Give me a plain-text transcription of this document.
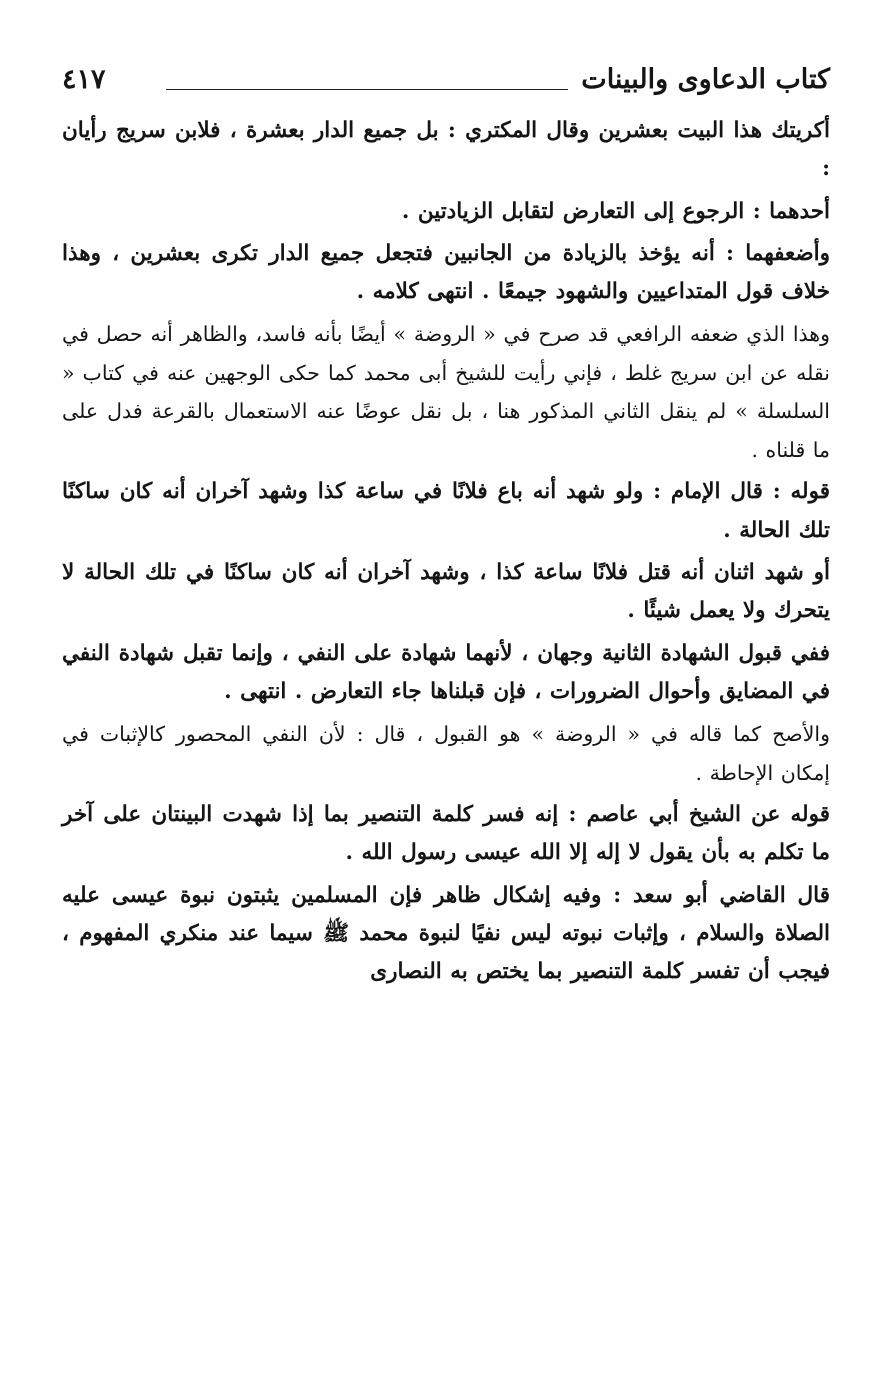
كتاب الدعاوى والبينات
٤١٧

أكريتك هذا البيت بعشرين وقال المكتري : بل جميع الدار بعشرة ، فلابن سريج رأيان :

أحدهما : الرجوع إلى التعارض لتقابل الزيادتين .

وأضعفهما : أنه يؤخذ بالزيادة من الجانبين فتجعل جميع الدار تكرى بعشرين ، وهذا خلاف قول المتداعيين والشهود جيمعًا . انتهى كلامه .

وهذا الذي ضعفه الرافعي قد صرح في « الروضة » أيضًا بأنه فاسد، والظاهر أنه حصل في نقله عن ابن سريج غلط ، فإني رأيت للشيخ أبى محمد كما حكى الوجهين عنه في كتاب « السلسلة » لم ينقل الثاني المذكور هنا ، بل نقل عوضًا عنه الاستعمال بالقرعة فدل على ما قلناه .

قوله : قال الإمام : ولو شهد أنه باع فلانًا في ساعة كذا وشهد آخران أنه كان ساكنًا تلك الحالة .

أو شهد اثنان أنه قتل فلانًا ساعة كذا ، وشهد آخران أنه كان ساكنًا في تلك الحالة لا يتحرك ولا يعمل شيئًا .

ففي قبول الشهادة الثانية وجهان ، لأنهما شهادة على النفي ، وإنما تقبل شهادة النفي في المضايق وأحوال الضرورات ، فإن قبلناها جاء التعارض . انتهى .

والأصح كما قاله في « الروضة » هو القبول ، قال : لأن النفي المحصور كالإثبات في إمكان الإحاطة .

قوله عن الشيخ أبي عاصم : إنه فسر كلمة التنصير بما إذا شهدت البينتان على آخر ما تكلم به بأن يقول لا إله إلا الله عيسى رسول الله .

قال القاضي أبو سعد : وفيه إشكال ظاهر فإن المسلمين يثبتون نبوة عيسى عليه الصلاة والسلام ، وإثبات نبوته ليس نفيًا لنبوة محمد ﷺ سيما عند منكري المفهوم ، فيجب أن تفسر كلمة التنصير بما يختص به النصارى
